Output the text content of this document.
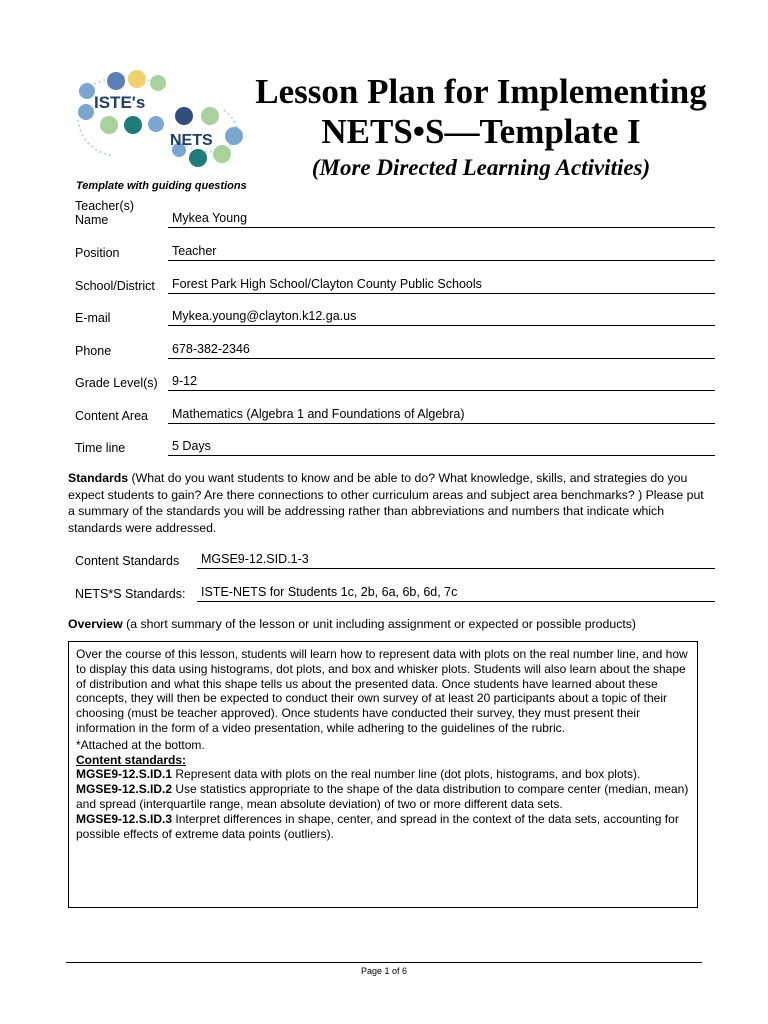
ISTE's
NETS
Lesson Plan for Implementing
NETS•S—Template I
(More Directed Learning Activities)
Template with guiding questions
Teacher(s) Name	Mykea Young
Position	Teacher
School/District	Forest Park High School/Clayton County Public Schools
E-mail	Mykea.young@clayton.k12.ga.us
Phone	678-382-2346
Grade Level(s)	9-12
Content Area	Mathematics (Algebra 1 and Foundations of Algebra)
Time line	5 Days
Standards (What do you want students to know and be able to do? What knowledge, skills, and strategies do you expect students to gain? Are there connections to other curriculum areas and subject area benchmarks? ) Please put a summary of the standards you will be addressing rather than abbreviations and numbers that indicate which standards were addressed.
Content Standards	MGSE9-12.SID.1-3
NETS*S Standards:	ISTE-NETS for Students 1c, 2b, 6a, 6b, 6d, 7c
Overview (a short summary of the lesson or unit including assignment or expected or possible products)

Over the course of this lesson, students will learn how to represent data with plots on the real number line, and how to display this data using histograms, dot plots, and box and whisker plots. Students will also learn about the shape of distribution and what this shape tells us about the presented data. Once students have learned about these concepts, they will then be expected to conduct their own survey of at least 20 participants about a topic of their choosing (must be teacher approved). Once students have conducted their survey, they must present their information in the form of a video presentation, while adhering to the guidelines of the rubric.

*Attached at the bottom.

Content standards:

MGSE9-12.S.ID.1 Represent data with plots on the real number line (dot plots, histograms, and box plots).

MGSE9-12.S.ID.2 Use statistics appropriate to the shape of the data distribution to compare center (median, mean) and spread (interquartile range, mean absolute deviation) of two or more different data sets.

MGSE9-12.S.ID.3 Interpret differences in shape, center, and spread in the context of the data sets, accounting for possible effects of extreme data points (outliers).

Page 1 of 6
